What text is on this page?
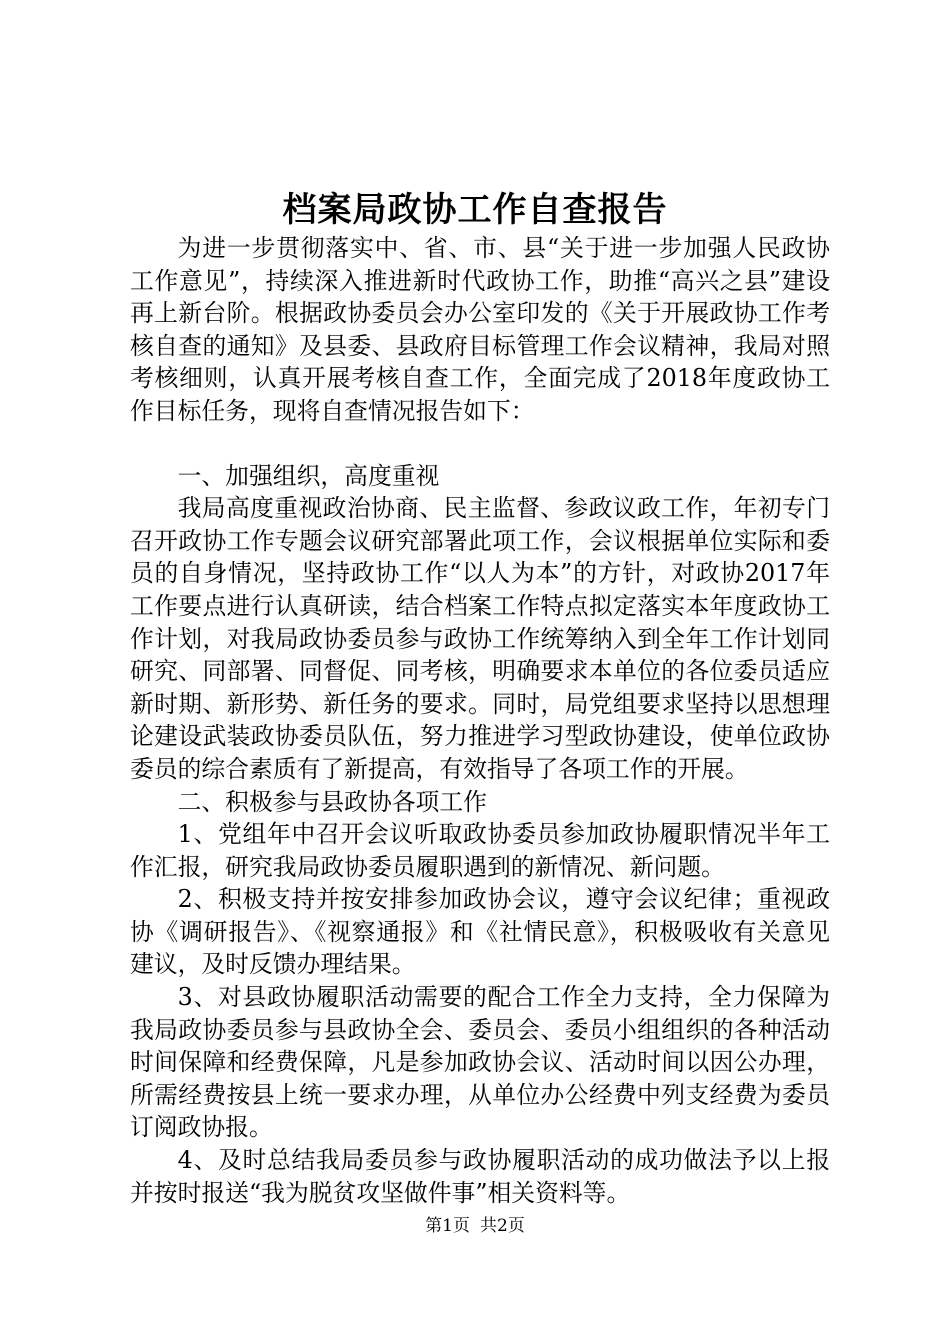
档案局政协工作自查报告

为进一步贯彻落实中、省、市、县“关于进一步加强人民政协工作意见”，持续深入推进新时代政协工作，助推“高兴之县”建设再上新台阶。根据政协委员会办公室印发的《关于开展政协工作考核自查的通知》及县委、县政府目标管理工作会议精神，我局对照考核细则，认真开展考核自查工作，全面完成了2018年度政协工作目标任务，现将自查情况报告如下：

一、加强组织，高度重视

我局高度重视政治协商、民主监督、参政议政工作，年初专门召开政协工作专题会议研究部署此项工作，会议根据单位实际和委员的自身情况，坚持政协工作“以人为本”的方针，对政协2017年工作要点进行认真研读，结合档案工作特点拟定落实本年度政协工作计划，对我局政协委员参与政协工作统筹纳入到全年工作计划同研究、同部署、同督促、同考核，明确要求本单位的各位委员适应新时期、新形势、新任务的要求。同时，局党组要求坚持以思想理论建设武装政协委员队伍，努力推进学习型政协建设，使单位政协委员的综合素质有了新提高，有效指导了各项工作的开展。

二、积极参与县政协各项工作

1、党组年中召开会议听取政协委员参加政协履职情况半年工作汇报，研究我局政协委员履职遇到的新情况、新问题。

2、积极支持并按安排参加政协会议，遵守会议纪律；重视政协《调研报告》、《视察通报》和《社情民意》，积极吸收有关意见建议，及时反馈办理结果。

3、对县政协履职活动需要的配合工作全力支持，全力保障为我局政协委员参与县政协全会、委员会、委员小组组织的各种活动时间保障和经费保障，凡是参加政协会议、活动时间以因公办理，所需经费按县上统一要求办理，从单位办公经费中列支经费为委员订阅政协报。

4、及时总结我局委员参与政协履职活动的成功做法予以上报并按时报送“我为脱贫攻坚做件事”相关资料等。

第1页 共2页
